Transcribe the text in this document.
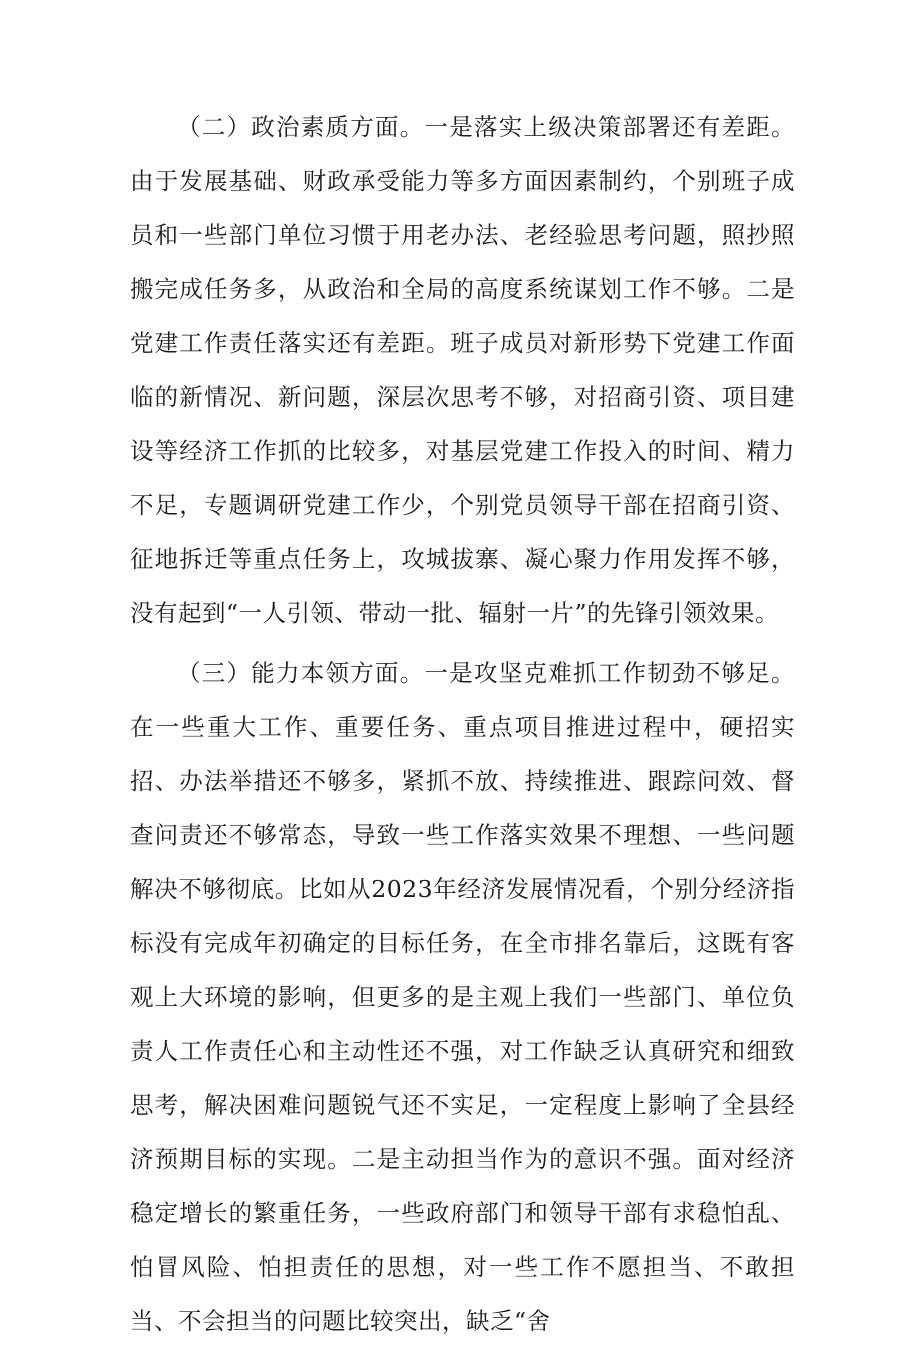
（二）政治素质方面。一是落实上级决策部署还有差距。由于发展基础、财政承受能力等多方面因素制约，个别班子成员和一些部门单位习惯于用老办法、老经验思考问题，照抄照搬完成任务多，从政治和全局的高度系统谋划工作不够。二是党建工作责任落实还有差距。班子成员对新形势下党建工作面临的新情况、新问题，深层次思考不够，对招商引资、项目建设等经济工作抓的比较多，对基层党建工作投入的时间、精力不足，专题调研党建工作少，个别党员领导干部在招商引资、征地拆迁等重点任务上，攻城拔寨、凝心聚力作用发挥不够，没有起到“一人引领、带动一批、辐射一片”的先锋引领效果。

（三）能力本领方面。一是攻坚克难抓工作韧劲不够足。在一些重大工作、重要任务、重点项目推进过程中，硬招实招、办法举措还不够多，紧抓不放、持续推进、跟踪问效、督查问责还不够常态，导致一些工作落实效果不理想、一些问题解决不够彻底。比如从2023年经济发展情况看，个别分经济指标没有完成年初确定的目标任务，在全市排名靠后，这既有客观上大环境的影响，但更多的是主观上我们一些部门、单位负责人工作责任心和主动性还不强，对工作缺乏认真研究和细致思考，解决困难问题锐气还不实足，一定程度上影响了全县经济预期目标的实现。二是主动担当作为的意识不强。面对经济稳定增长的繁重任务，一些政府部门和领导干部有求稳怕乱、怕冒风险、怕担责任的思想，对一些工作不愿担当、不敢担当、不会担当的问题比较突出，缺乏“舍
